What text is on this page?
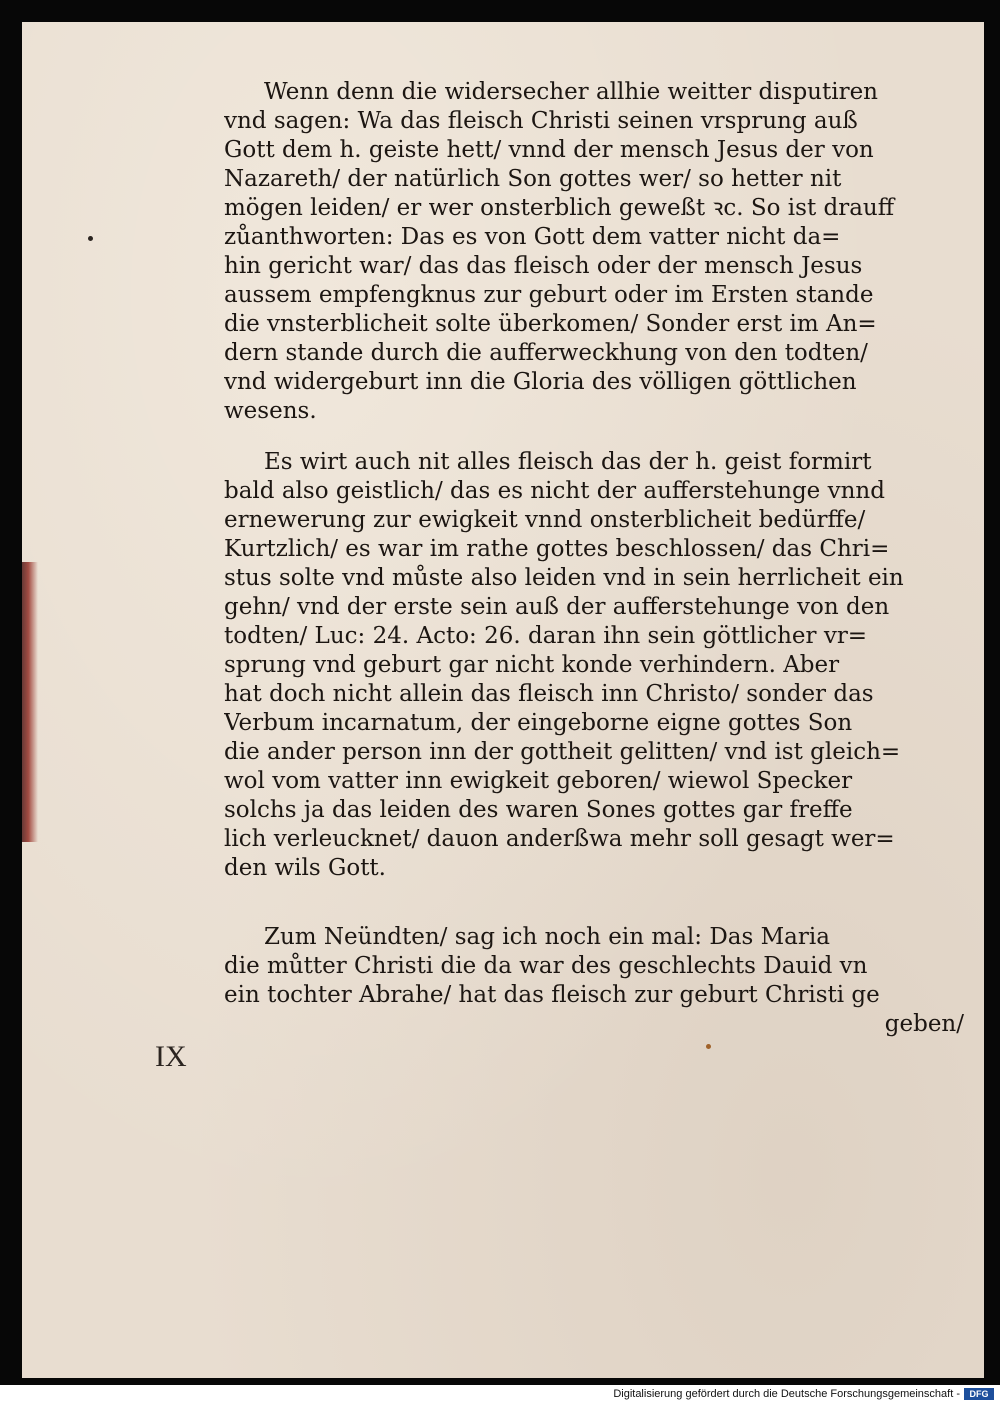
IX
Wenn denn die widersecher allhie weitter disputiren
vnd sagen: Wa das fleisch Christi seinen vrsprung auß
Gott dem h. geiste hett/ vnnd der mensch Jesus der von
Nazareth/ der natürlich Son gottes wer/ so hetter nit
mögen leiden/ er wer onsterblich geweßt ꝛc. So ist drauff
zůanthworten: Das es von Gott dem vatter nicht da=
hin gericht war/ das das fleisch oder der mensch Jesus
aussem empfengknus zur geburt oder im Ersten stande
die vnsterblicheit solte überkomen/ Sonder erst im An=
dern stande durch die aufferweckhung von den todten/
vnd widergeburt inn die Gloria des völligen göttlichen
wesens.
Es wirt auch nit alles fleisch das der h. geist formirt
bald also geistlich/ das es nicht der aufferstehunge vnnd
ernewerung zur ewigkeit vnnd onsterblicheit bedürffe/
Kurtzlich/ es war im rathe gottes beschlossen/ das Chri=
stus solte vnd můste also leiden vnd in sein herrlicheit ein
gehn/ vnd der erste sein auß der aufferstehunge von den
todten/ Luc: 24. Acto: 26. daran ihn sein göttlicher vr=
sprung vnd geburt gar nicht konde verhindern. Aber
hat doch nicht allein das fleisch inn Christo/ sonder das
Verbum incarnatum, der eingeborne eigne gottes Son
die ander person inn der gottheit gelitten/ vnd ist gleich=
wol vom vatter inn ewigkeit geboren/ wiewol Specker
solchs ja das leiden des waren Sones gottes gar freffe
lich verleucknet/ dauon anderßwa mehr soll gesagt wer=
den wils Gott.
Zum Neündten/ sag ich noch ein mal: Das Maria
die můtter Christi die da war des geschlechts Dauid vn
ein tochter Abrahe/ hat das fleisch zur geburt Christi ge
geben/
Digitalisierung gefördert durch die Deutsche Forschungsgemeinschaft -	DFG
